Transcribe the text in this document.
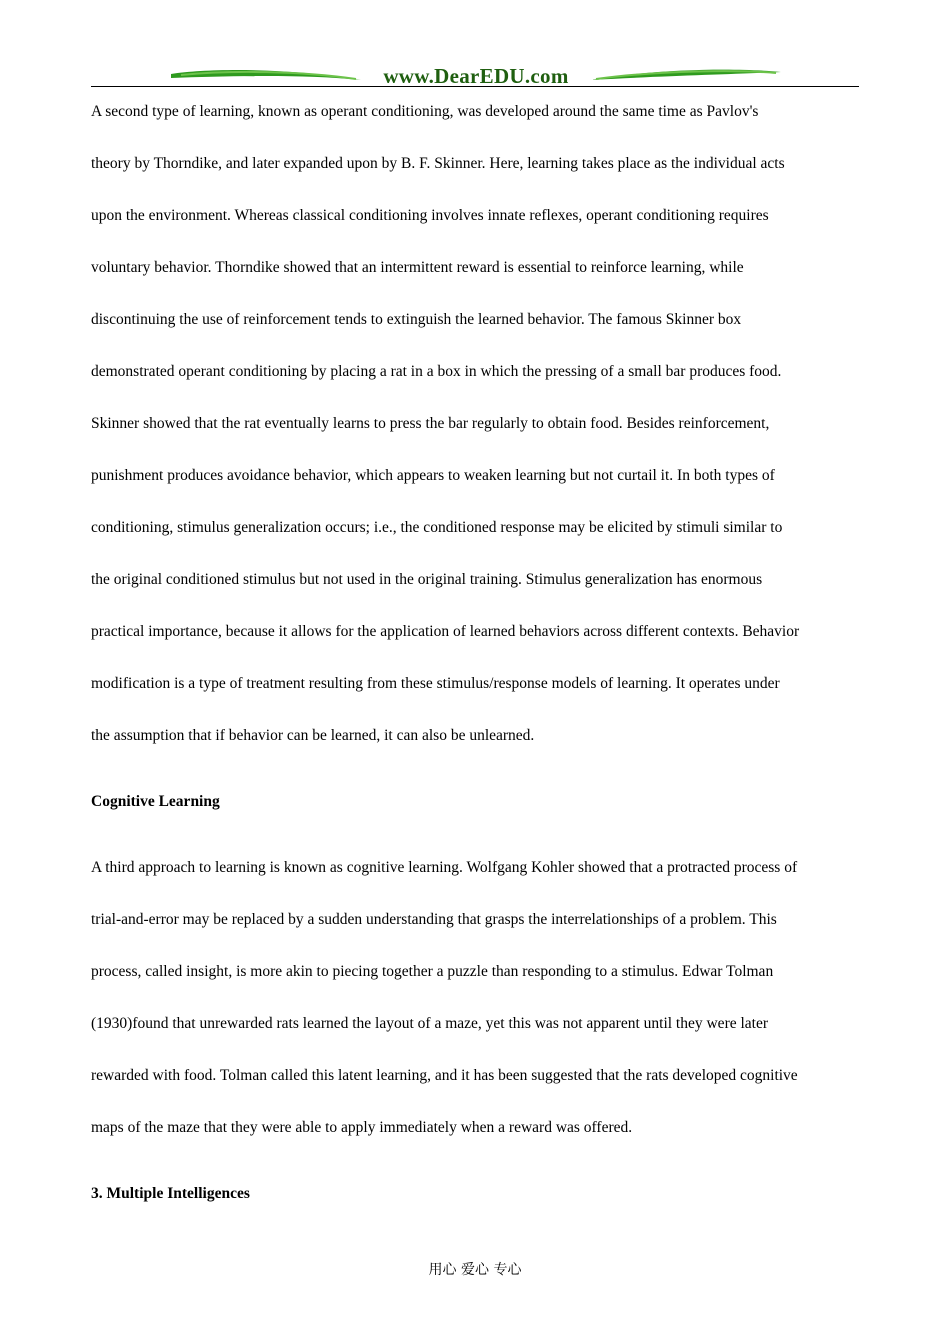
www.DearEDU.com
A second type of learning, known as operant conditioning, was developed around the same time as Pavlov's
theory by Thorndike, and later expanded upon by B. F. Skinner. Here, learning takes place as the individual acts
upon the environment. Whereas classical conditioning involves innate reflexes, operant conditioning requires
voluntary behavior. Thorndike showed that an intermittent reward is essential to reinforce learning, while
discontinuing the use of reinforcement tends to extinguish the learned behavior. The famous Skinner box
demonstrated operant conditioning by placing a rat in a box in which the pressing of a small bar produces food.
Skinner showed that the rat eventually learns to press the bar regularly to obtain food. Besides reinforcement,
punishment produces avoidance behavior, which appears to weaken learning but not curtail it. In both types of
conditioning, stimulus generalization occurs; i.e., the conditioned response may be elicited by stimuli similar to
the original conditioned stimulus but not used in the original training. Stimulus generalization has enormous
practical importance, because it allows for the application of learned behaviors across different contexts. Behavior
modification is a type of treatment resulting from these stimulus/response models of learning. It operates under
the assumption that if behavior can be learned, it can also be unlearned.
Cognitive Learning
A third approach to learning is known as cognitive learning. Wolfgang Kohler showed that a protracted process of
trial-and-error may be replaced by a sudden understanding that grasps the interrelationships of a problem. This
process, called insight, is more akin to piecing together a puzzle than responding to a stimulus. Edwar Tolman
(1930)found that unrewarded rats learned the layout of a maze, yet this was not apparent until they were later
rewarded with food. Tolman called this latent learning, and it has been suggested that the rats developed cognitive
maps of the maze that they were able to apply immediately when a reward was offered.
3. Multiple Intelligences
用心 爱心 专心
